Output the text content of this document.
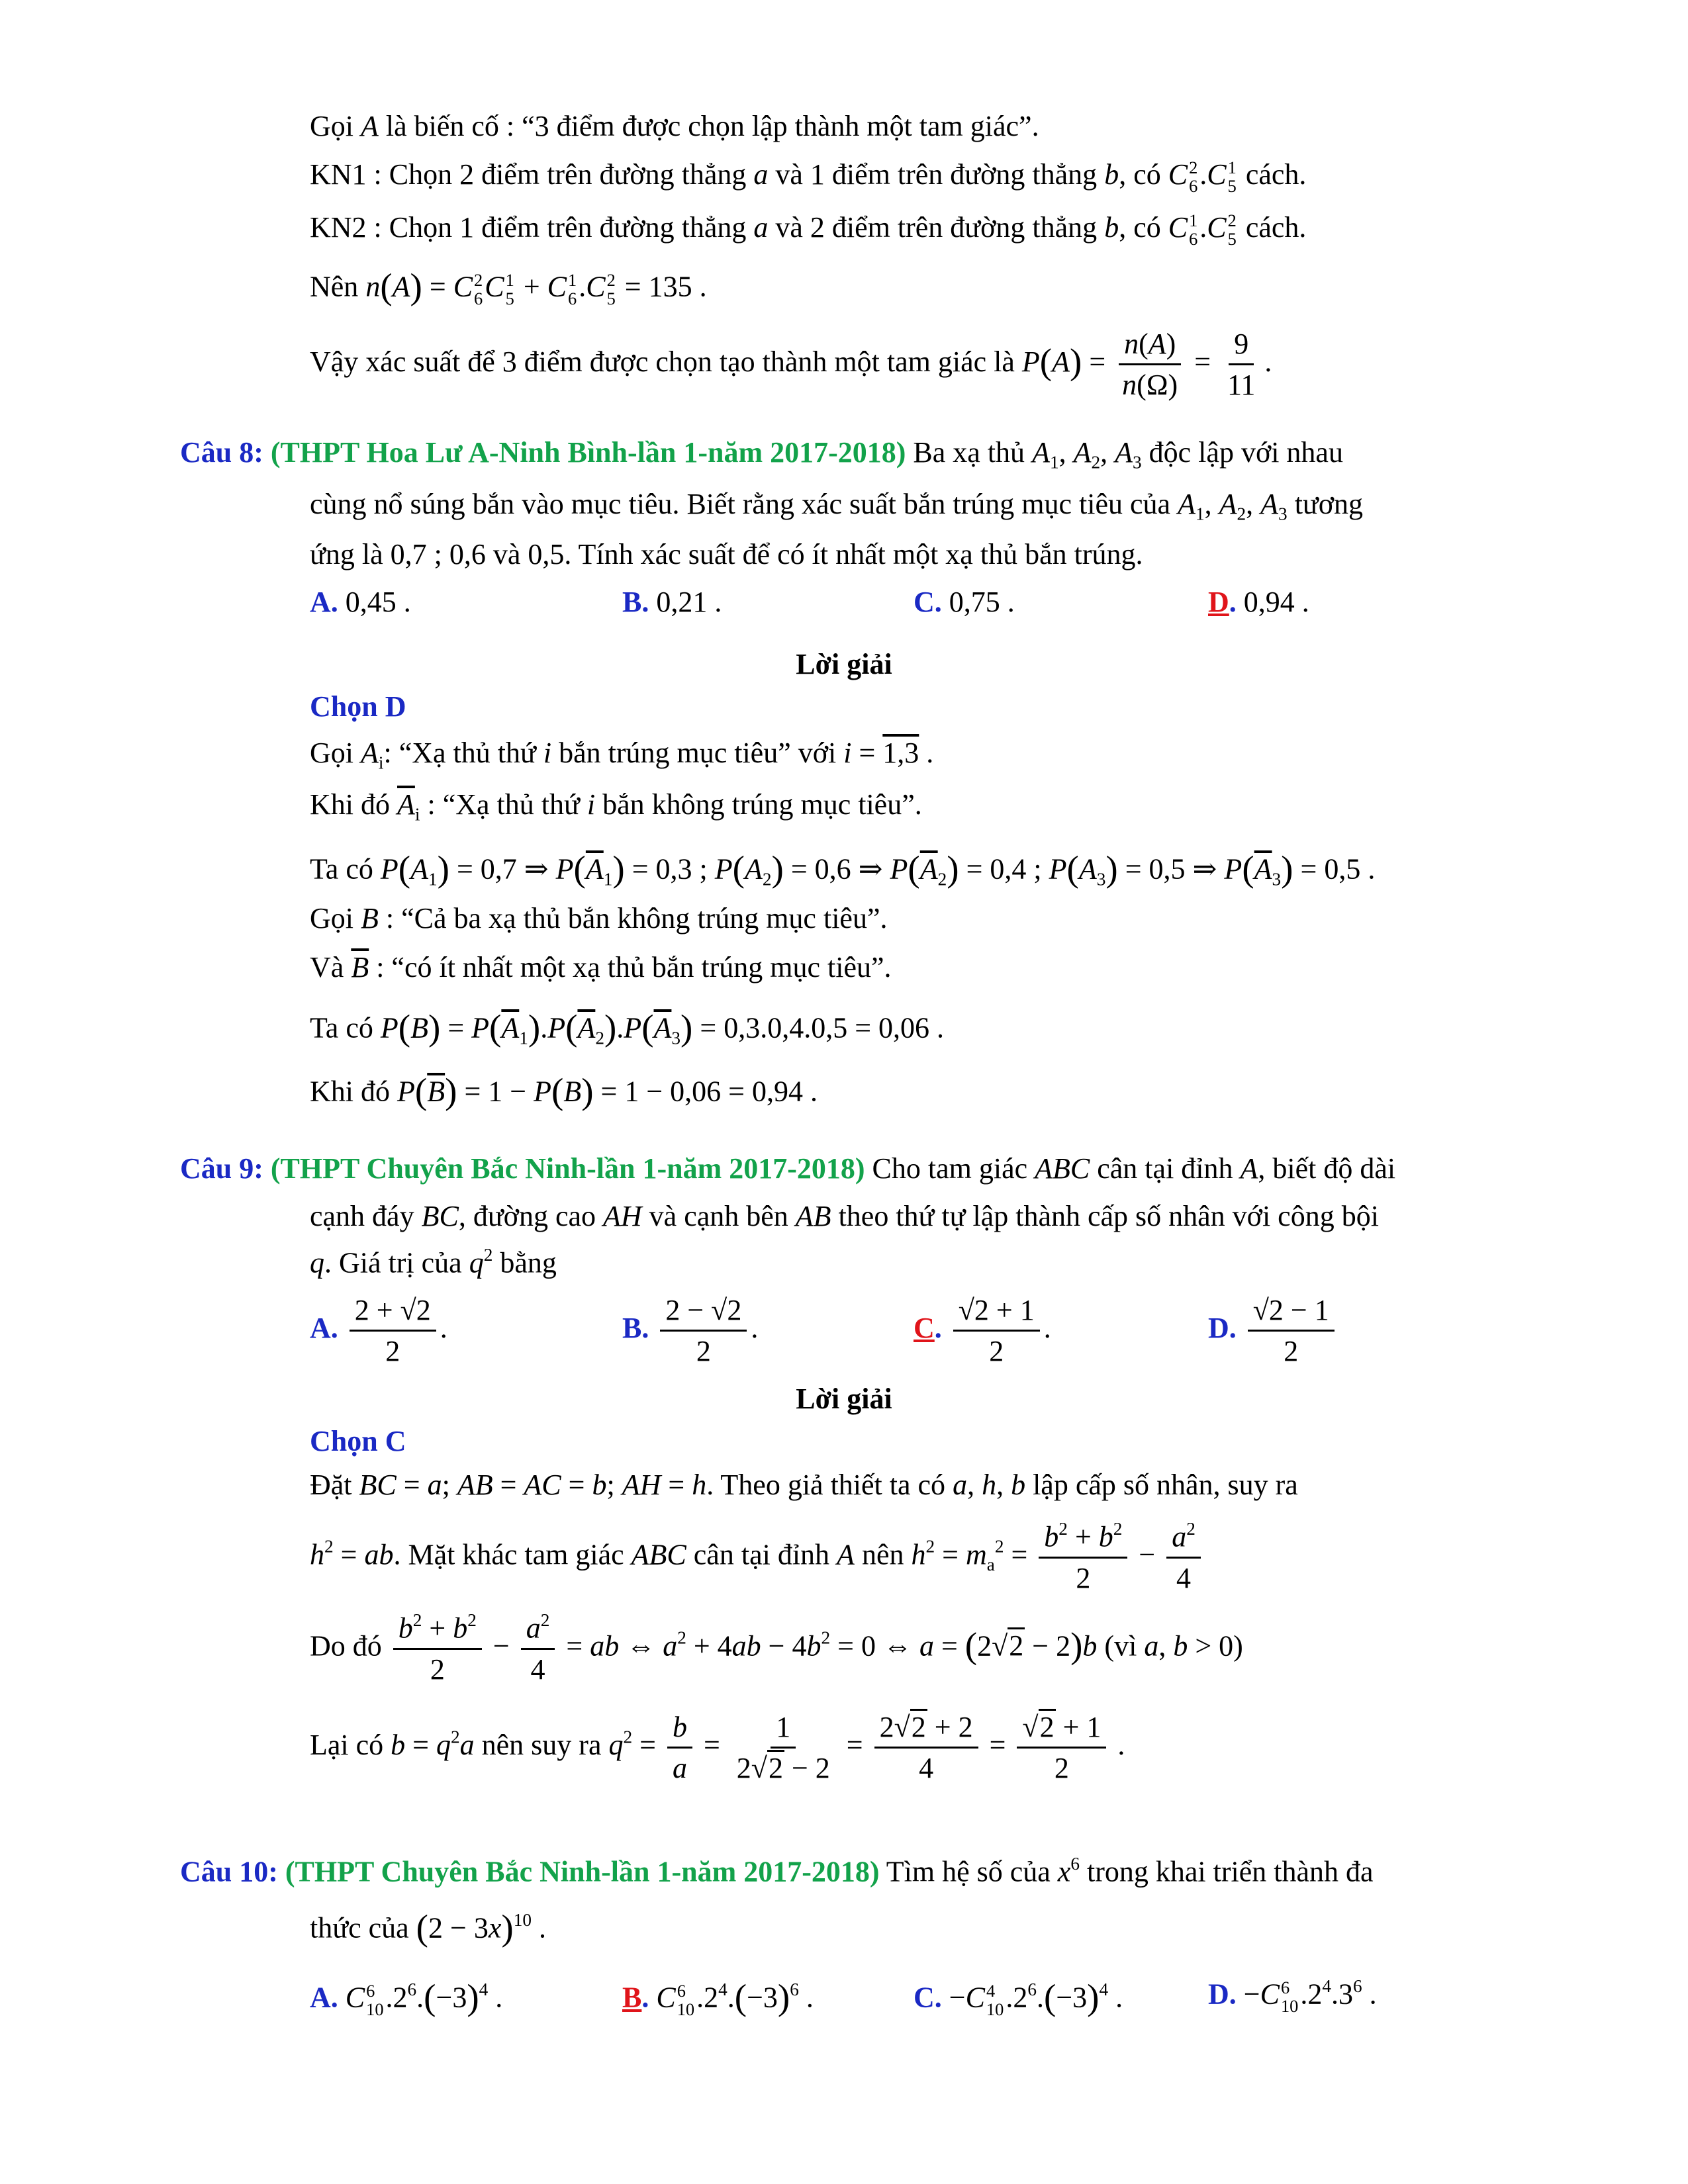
Gọi A là biến cố : “3 điểm được chọn lập thành một tam giác”.
KN1 : Chọn 2 điểm trên đường thẳng a và 1 điểm trên đường thẳng b, có C 2
6 .C 1
5 cách.
KN2 : Chọn 1 điểm trên đường thẳng a và 2 điểm trên đường thẳng b, có C 1
6 .C 2
5 cách.
Nên n(A) = C 2
6 C 1
5 + C 1
6 .C 2
5 = 135 .
Vậy xác suất để 3 điểm được chọn tạo thành một tam giác là $P(A) = \frac{n(A)}{n(\Omega)} = \frac{9}{11}$ .
Câu 8: (THPT Hoa Lư A-Ninh Bình-lần 1-năm 2017-2018) Ba xạ thủ $A_1$, $A_2$, $A_3$ độc lập với nhau
cùng nổ súng bắn vào mục tiêu. Biết rằng xác suất bắn trúng mục tiêu của $A_1$, $A_2$, $A_3$ tương
ứng là 0,7 ; 0,6 và 0,5. Tính xác suất để có ít nhất một xạ thủ bắn trúng.
A. 0,45 .	B. 0,21 .	C. 0,75 .	D. 0,94 .
Lời giải
Chọn D
Gọi $A_i$: “Xạ thủ thứ i bắn trúng mục tiêu” với i = 1,3 .
Khi đó $\overline{A}_i$ : “Xạ thủ thứ i bắn không trúng mục tiêu”.
Ta có $P(A_1) = 0,7$ ⇒ $P(\overline{A}_1) = 0,3$ ; $P(A_2) = 0,6$ ⇒ $P(\overline{A}_2) = 0,4$ ; $P(A_3) = 0,5$ ⇒ $P(\overline{A}_3) = 0,5$ .
Gọi B : “Cả ba xạ thủ bắn không trúng mục tiêu”.
Và $\overline{B}$ : “có ít nhất một xạ thủ bắn trúng mục tiêu”.
Ta có $P(B) = P(\overline{A}_1).P(\overline{A}_2).P(\overline{A}_3) = 0,3.0,4.0,5 = 0,06$ .
Khi đó $P(\overline{B}) = 1 - P(B) = 1 - 0,06 = 0,94$ .
Câu 9: (THPT Chuyên Bắc Ninh-lần 1-năm 2017-2018) Cho tam giác ABC cân tại đỉnh A, biết độ dài
cạnh đáy BC, đường cao AH và cạnh bên AB theo thứ tự lập thành cấp số nhân với công bội
q. Giá trị của $q^2$ bằng
A. $\frac{2 + √2}{2}$ .	B. $\frac{2 - √2}{2}$ .	C. $\frac{√2 + 1}{2}$ .	D. $\frac{√2 - 1}{2}$
Lời giải
Chọn C
Đặt BC = a; AB = AC = b; AH = h. Theo giả thiết ta có a, h, b lập cấp số nhân, suy ra
$h^2$ = ab. Mặt khác tam giác ABC cân tại đỉnh A nên $h^2 = m_a^2 = \frac{b^2 + b^2}{2} - \frac{a^2}{4}$
Do đó $\frac{b^2 + b^2}{2} - \frac{a^2}{4}$ = ab ⇔ $a^2 + 4ab - 4b^2 = 0$ ⇔ a = (2√2 − 2)b (vì a, b > 0)
Lại có $b = q^2a$ nên suy ra $q^2 = \frac{b}{a} = \frac{1}{2√2 - 2} = \frac{2√2 + 2}{4} = \frac{√2 + 1}{2}$ .
Câu 10: (THPT Chuyên Bắc Ninh-lần 1-năm 2017-2018) Tìm hệ số của $x^6$ trong khai triển thành đa
thức của $(2 - 3x)^{10}$ .
A. C 6
10 $.2^6.(-3)^4$ .	B. C 6
10 $.2^4.(-3)^6$ .	C. −C 4
10 $.2^6.(-3)^4$ .	D. −C 6
10 $.2^4.3^6$ .
